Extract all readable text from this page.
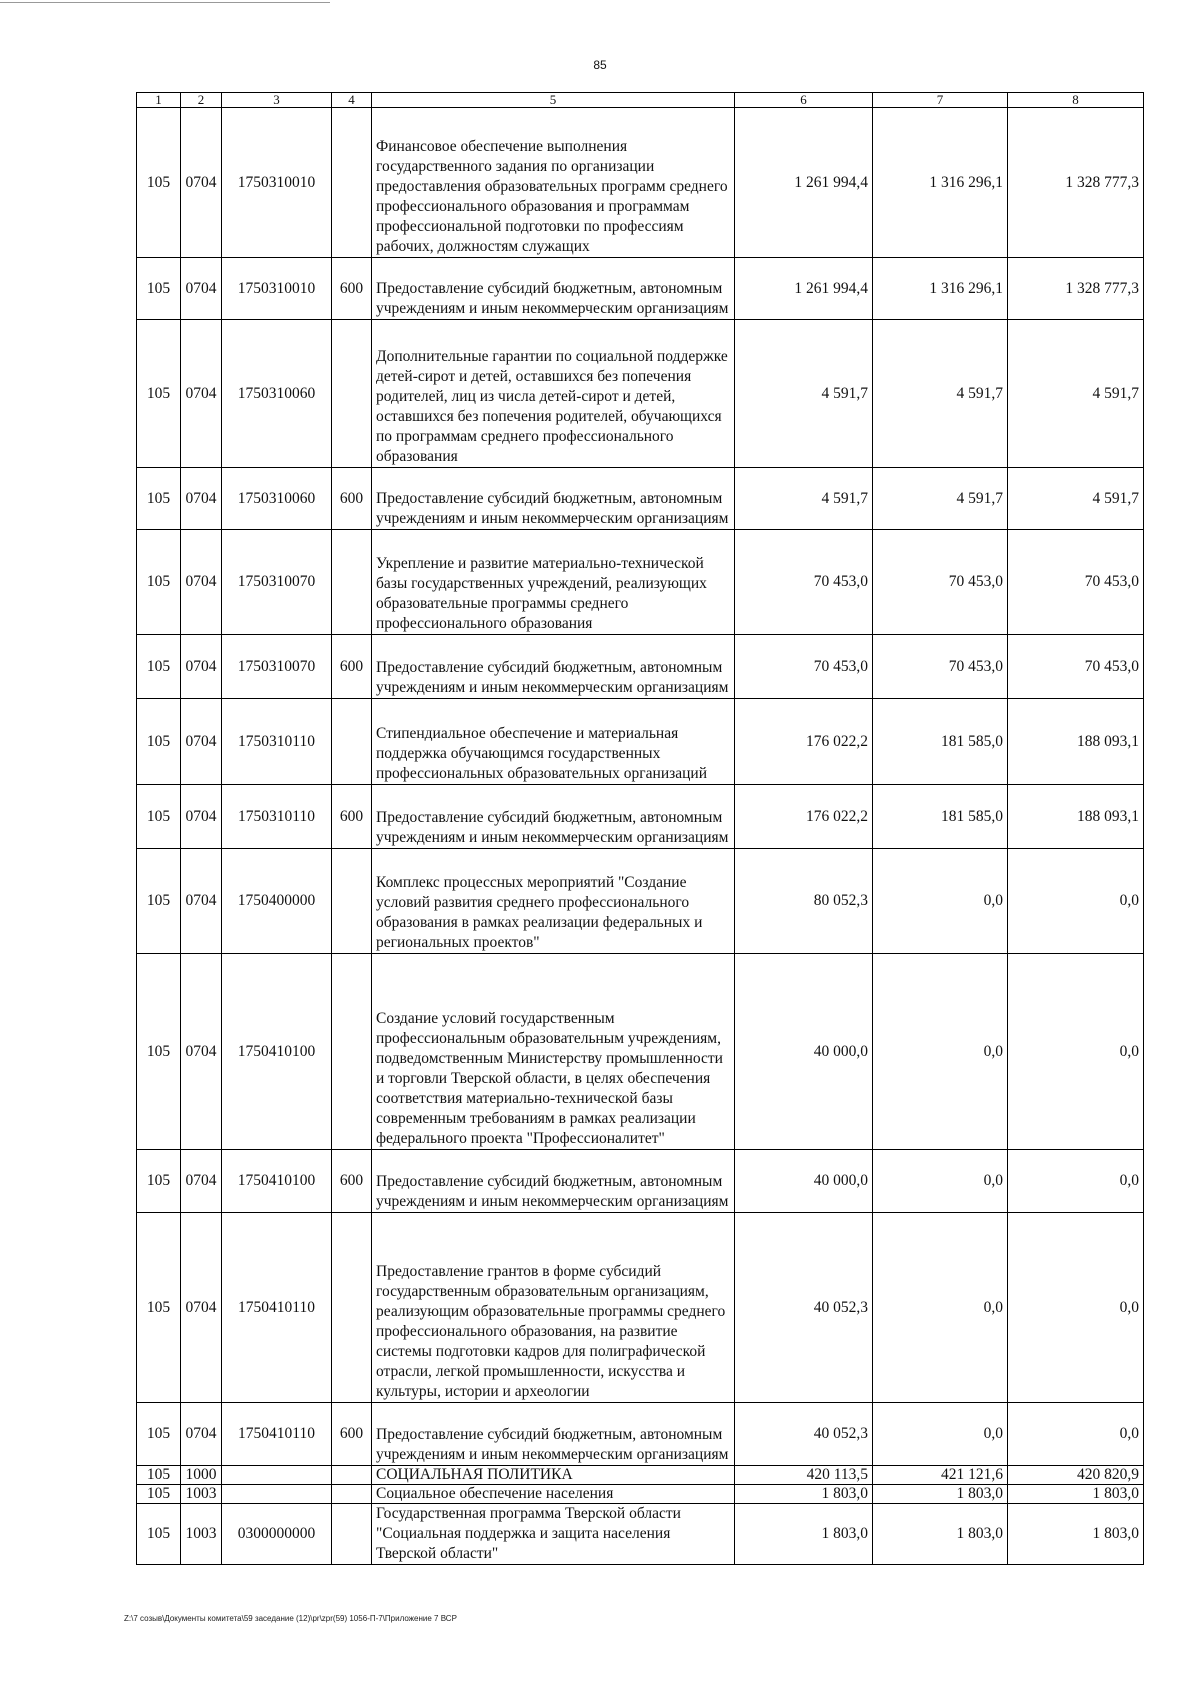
85
1	2	3	4	5	6	7	8
105	0704	1750310010		Финансовое обеспечение выполнения государственного задания по организации предоставления образовательных программ среднего профессионального образования и программам профессиональной подготовки по профессиям рабочих, должностям служащих	1 261 994,4	1 316 296,1	1 328 777,3
105	0704	1750310010	600	Предоставление субсидий бюджетным, автономным учреждениям и иным некоммерческим организациям	1 261 994,4	1 316 296,1	1 328 777,3
105	0704	1750310060		Дополнительные гарантии по социальной поддержке детей-сирот и детей, оставшихся без попечения родителей, лиц из числа детей-сирот и детей, оставшихся без попечения родителей, обучающихся по программам среднего профессионального образования	4 591,7	4 591,7	4 591,7
105	0704	1750310060	600	Предоставление субсидий бюджетным, автономным учреждениям и иным некоммерческим организациям	4 591,7	4 591,7	4 591,7
105	0704	1750310070		Укрепление и развитие материально-технической базы государственных учреждений, реализующих образовательные программы среднего профессионального образования	70 453,0	70 453,0	70 453,0
105	0704	1750310070	600	Предоставление субсидий бюджетным, автономным учреждениям и иным некоммерческим организациям	70 453,0	70 453,0	70 453,0
105	0704	1750310110		Стипендиальное обеспечение и материальная поддержка обучающимся государственных профессиональных образовательных организаций	176 022,2	181 585,0	188 093,1
105	0704	1750310110	600	Предоставление субсидий бюджетным, автономным учреждениям и иным некоммерческим организациям	176 022,2	181 585,0	188 093,1
105	0704	1750400000		Комплекс процессных мероприятий "Создание условий развития среднего профессионального образования в рамках реализации федеральных и региональных проектов"	80 052,3	0,0	0,0
105	0704	1750410100		Создание условий государственным профессиональным образовательным учреждениям, подведомственным Министерству промышленности и торговли Тверской области, в целях обеспечения соответствия материально-технической базы современным требованиям в рамках реализации федерального проекта "Профессионалитет"	40 000,0	0,0	0,0
105	0704	1750410100	600	Предоставление субсидий бюджетным, автономным учреждениям и иным некоммерческим организациям	40 000,0	0,0	0,0
105	0704	1750410110		Предоставление грантов в форме субсидий государственным образовательным организациям, реализующим образовательные программы среднего профессионального образования, на развитие системы подготовки кадров для полиграфической отрасли, легкой промышленности, искусства и культуры, истории и археологии	40 052,3	0,0	0,0
105	0704	1750410110	600	Предоставление субсидий бюджетным, автономным учреждениям и иным некоммерческим организациям	40 052,3	0,0	0,0
105	1000			СОЦИАЛЬНАЯ ПОЛИТИКА	420 113,5	421 121,6	420 820,9
105	1003			Социальное обеспечение населения	1 803,0	1 803,0	1 803,0
105	1003	0300000000		Государственная программа Тверской области "Социальная поддержка и защита населения Тверской области"	1 803,0	1 803,0	1 803,0
Z:\7 созыв\Документы комитета\59 заседание (12)\pr\zpr(59) 1056-П-7\Приложение 7 ВСР
